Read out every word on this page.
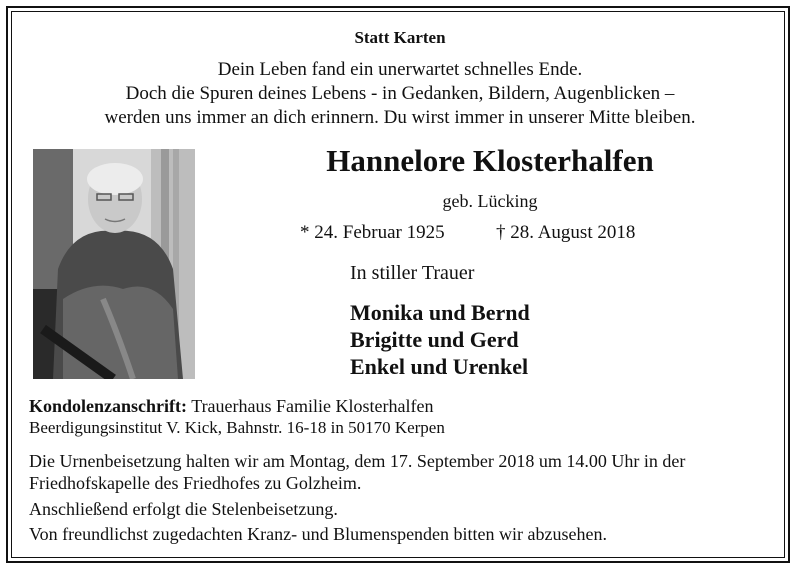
Statt Karten
Dein Leben fand ein unerwartet schnelles Ende.
Doch die Spuren deines Lebens - in Gedanken, Bildern, Augenblicken –
werden uns immer an dich erinnern. Du wirst immer in unserer Mitte bleiben.
Hannelore Klosterhalfen
geb. Lücking
* 24. Februar 1925	† 28. August 2018
In stiller Trauer
Monika und Bernd
Brigitte und Gerd
Enkel und Urenkel
Kondolenzanschrift: Trauerhaus Familie Klosterhalfen
Beerdigungsinstitut V. Kick, Bahnstr. 16-18 in 50170 Kerpen
Die Urnenbeisetzung halten wir am Montag, dem 17. September 2018 um 14.00 Uhr in der
Friedhofskapelle des Friedhofes zu Golzheim.
Anschließend erfolgt die Stelenbeisetzung.
Von freundlichst zugedachten Kranz- und Blumenspenden bitten wir abzusehen.
